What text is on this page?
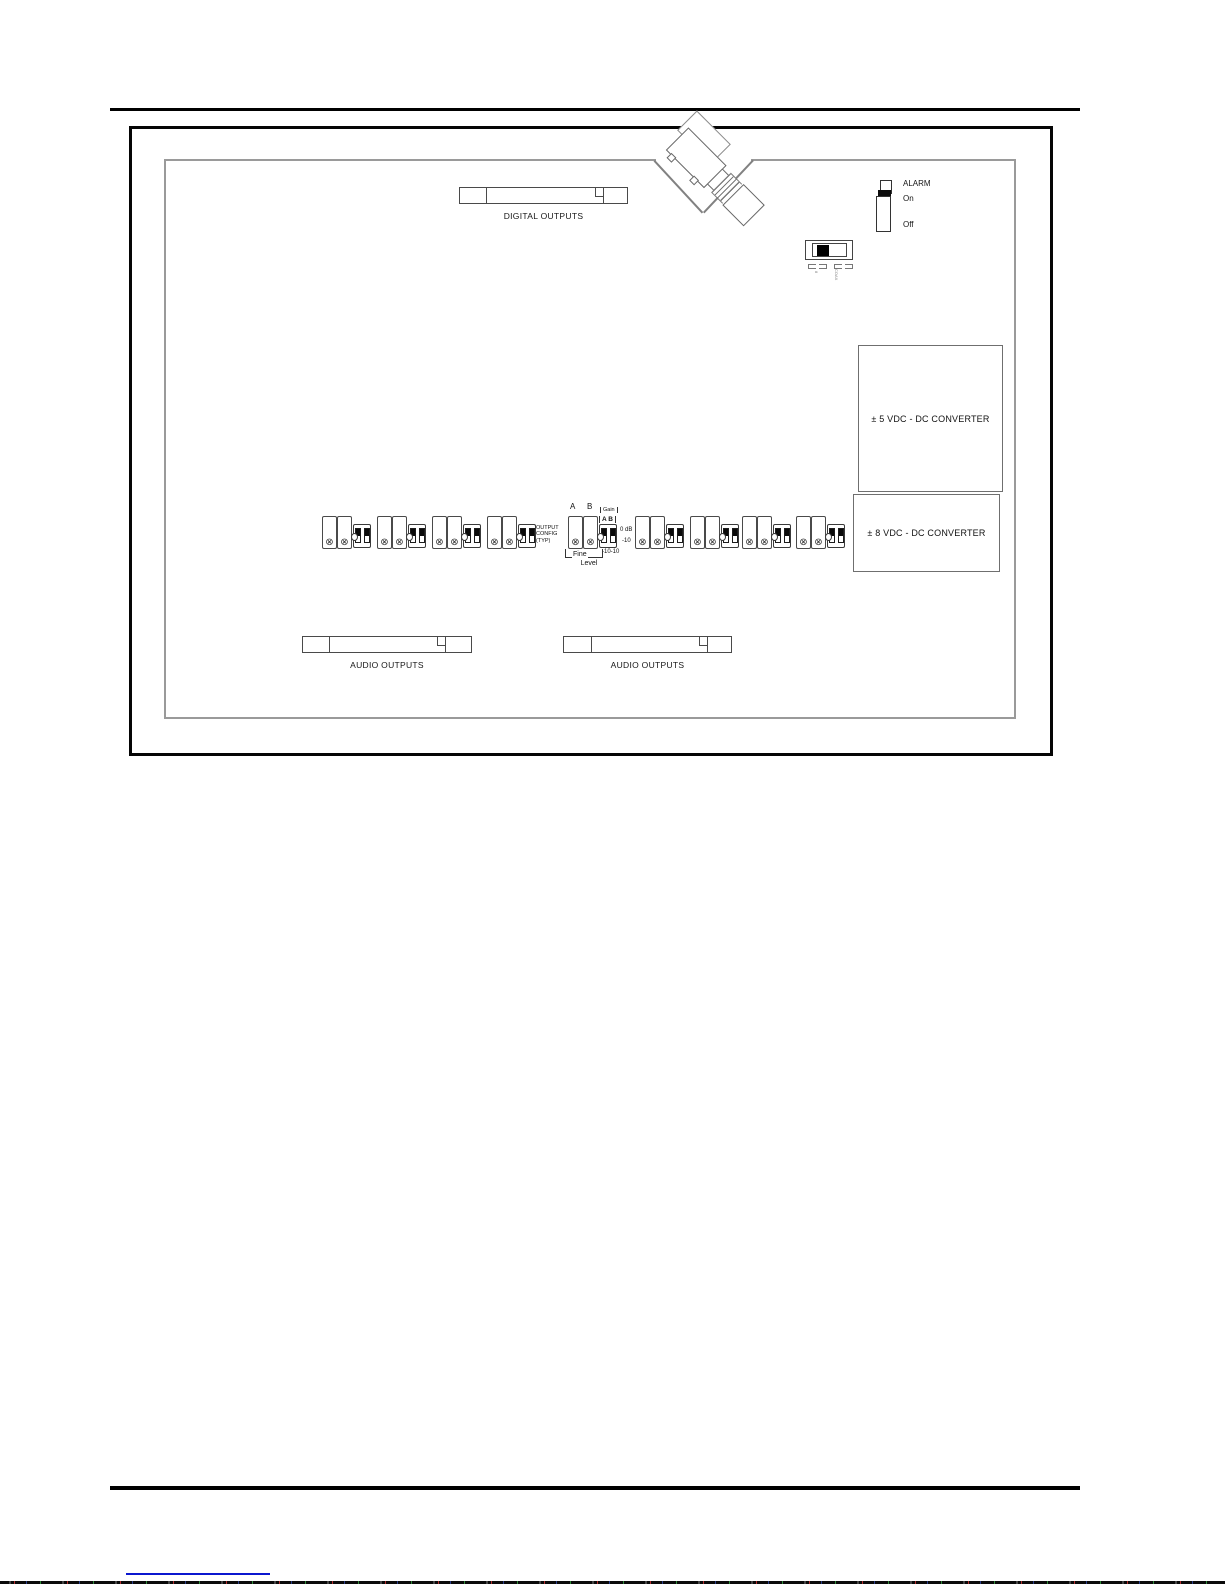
DIGITAL OUTPUTS
ALARM
On
Off
8	COAX
± 5 VDC - DC CONVERTER
± 8 VDC - DC CONVERTER
⊗ ⊗	⊗ ⊗	⊗ ⊗	⊗ ⊗	⊗ ⊗	⊗ ⊗	⊗ ⊗	⊗ ⊗	⊗ ⊗
OUTPUT
CONFIG
(TYP)
A B	Gain
A B
0 dB
-10
-10-10
Fine
Level
AUDIO OUTPUTS	AUDIO OUTPUTS
